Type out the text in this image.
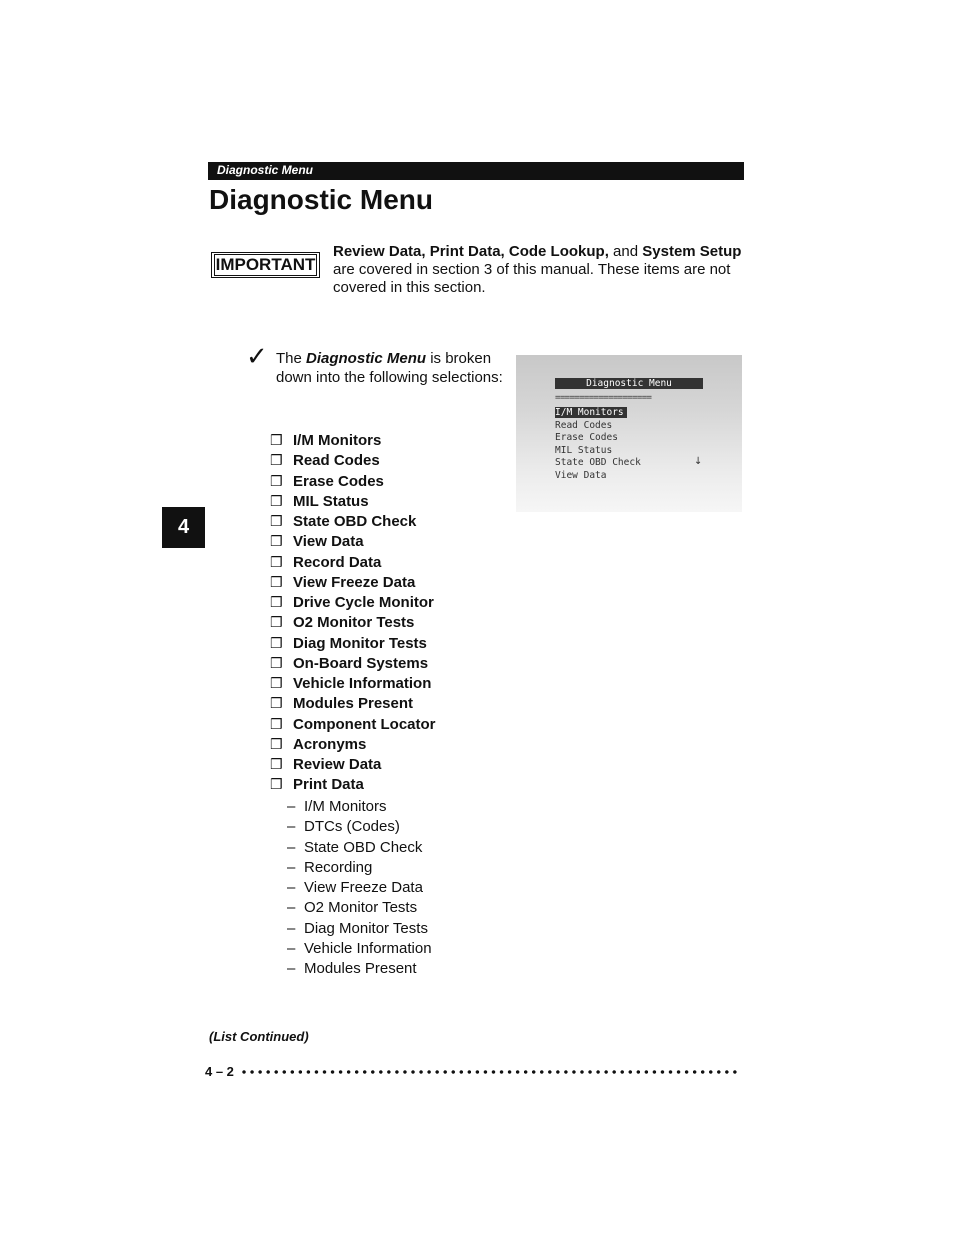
Diagnostic Menu
Diagnostic Menu
IMPORTANT
Review Data, Print Data, Code Lookup, and System Setup are covered in section 3 of this manual. These items are not covered in this section.
✓ The Diagnostic Menu is broken down into the following selections:
❒ I/M Monitors
❒ Read Codes
❒ Erase Codes
❒ MIL Status
❒ State OBD Check
❒ View Data
❒ Record Data
❒ View Freeze Data
❒ Drive Cycle Monitor
❒ O2 Monitor Tests
❒ Diag Monitor Tests
❒ On-Board Systems
❒ Vehicle Information
❒ Modules Present
❒ Component Locator
❒ Acronyms
❒ Review Data
❒ Print Data
– I/M Monitors
– DTCs (Codes)
– State OBD Check
– Recording
– View Freeze Data
– O2 Monitor Tests
– Diag Monitor Tests
– Vehicle Information
– Modules Present
Diagnostic Menu
====================
I/M Monitors
Read Codes
Erase Codes
MIL Status
State OBD Check
View Data
↓
4
(List Continued)
4 – 2
